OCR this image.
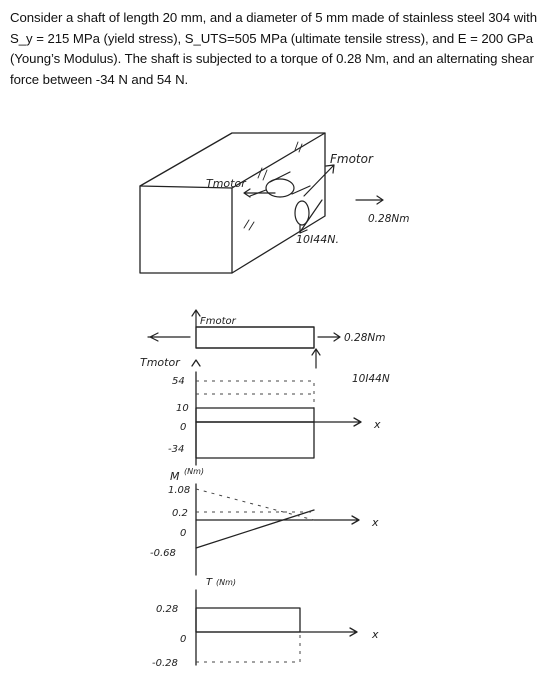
Consider a shaft of length 20 mm, and a diameter of 5 mm made of stainless steel 304 with S_y = 215 MPa (yield stress), S_UTS=505 MPa (ultimate tensile stress), and E = 200 GPa (Young’s Modulus). The shaft is subjected to a torque of 0.28 Nm, and an alternating shear force between -34 N and 54 N.
Tmotor
Fmotor
0.28Nm
10I44N.
Fmotor
Tmotor
0.28Nm
10I44N
54
10
0
-34
x
M (Nm)
1.08
0.2
0
-0.68
x
T (Nm)
0.28
0
-0.28
x
